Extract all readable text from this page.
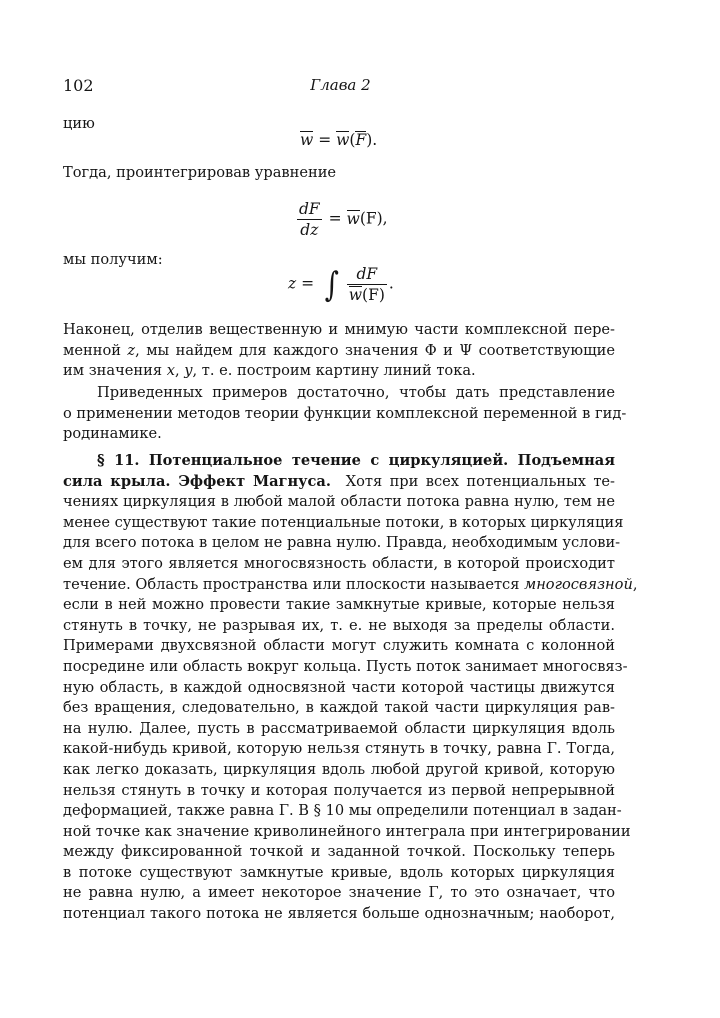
102	Глава 2
цию
w = w(F).
Тогда, проинтегрировав уравнение
$\frac{dF}{dz} = w(F)$,
мы получим:
z = ∫ $\frac{dF}{w(F)}$ .
Наконец, отделив вещественную и мнимую части комплексной пере-
менной z, мы найдем для каждого значения Φ и Ψ соответствующие
им значения x, y, т. е. построим картину линий тока.
Приведенных примеров достаточно, чтобы дать представление
о применении методов теории функции комплексной переменной в гид-
родинамике.
§ 11. Потенциальное течение с циркуляцией. Подъемная
сила крыла. Эффект Магнуса. Хотя при всех потенциальных те-
чениях циркуляция в любой малой области потока равна нулю, тем не
менее существуют такие потенциальные потоки, в которых циркуляция
для всего потока в целом не равна нулю. Правда, необходимым услови-
ем для этого является многосвязность области, в которой происходит
течение. Область пространства или плоскости называется многосвязной,
если в ней можно провести такие замкнутые кривые, которые нельзя
стянуть в точку, не разрывая их, т. е. не выходя за пределы области.
Примерами двухсвязной области могут служить комната с колонной
посредине или область вокруг кольца. Пусть поток занимает многосвяз-
ную область, в каждой односвязной части которой частицы движутся
без вращения, следовательно, в каждой такой части циркуляция рав-
на нулю. Далее, пусть в рассматриваемой области циркуляция вдоль
какой-нибудь кривой, которую нельзя стянуть в точку, равна Γ. Тогда,
как легко доказать, циркуляция вдоль любой другой кривой, которую
нельзя стянуть в точку и которая получается из первой непрерывной
деформацией, также равна Γ. В § 10 мы определили потенциал в задан-
ной точке как значение криволинейного интеграла при интегрировании
между фиксированной точкой и заданной точкой. Поскольку теперь
в потоке существуют замкнутые кривые, вдоль которых циркуляция
не равна нулю, а имеет некоторое значение Γ, то это означает, что
потенциал такого потока не является больше однозначным; наоборот,
